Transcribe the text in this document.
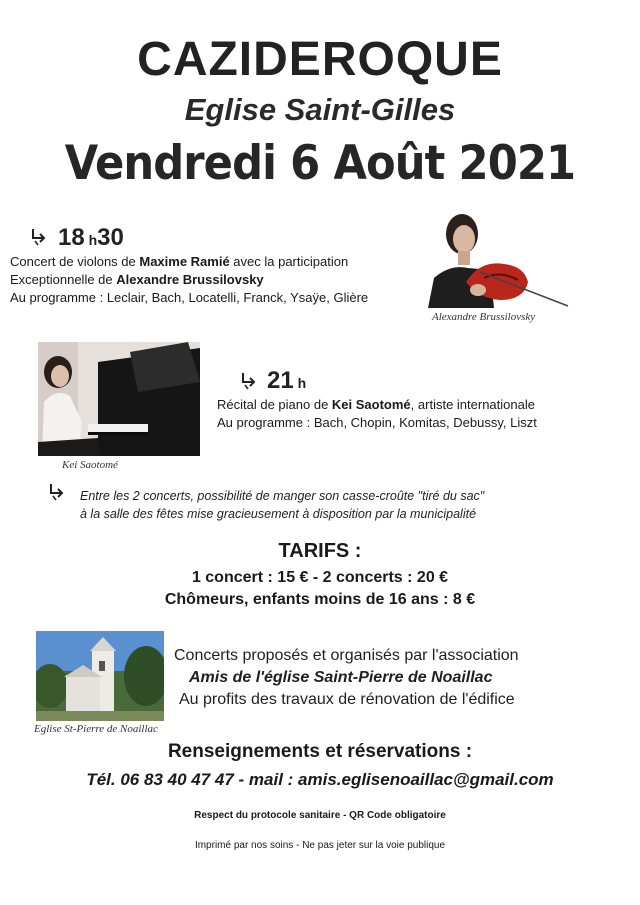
CAZIDEROQUE
Eglise Saint-Gilles
Vendredi 6 Août 2021
18 h30
Concert de violons de Maxime Ramié avec la participation
Exceptionnelle de Alexandre Brussilovsky
Au programme : Leclair, Bach, Locatelli, Franck, Ysaÿe, Glière
Alexandre Brussilovsky
Kei Saotomé
21 h
Récital de piano de Kei Saotomé, artiste internationale
Au programme : Bach, Chopin, Komitas, Debussy, Liszt
Entre les 2 concerts, possibilité de manger son casse-croûte "tiré du sac"
à la salle des fêtes mise gracieusement à disposition par la municipalité
TARIFS :
1 concert : 15 € - 2 concerts : 20 €
Chômeurs, enfants moins de 16 ans : 8 €
Eglise St-Pierre de Noaillac
Concerts proposés et organisés par l'association
Amis de l'église Saint-Pierre de Noaillac
Au profits des travaux de rénovation de l'édifice
Renseignements et réservations :
Tél. 06 83 40 47 47 - mail : amis.eglisenoaillac@gmail.com
Respect du protocole sanitaire - QR Code obligatoire
Imprimé par nos soins - Ne pas jeter sur la voie publique
